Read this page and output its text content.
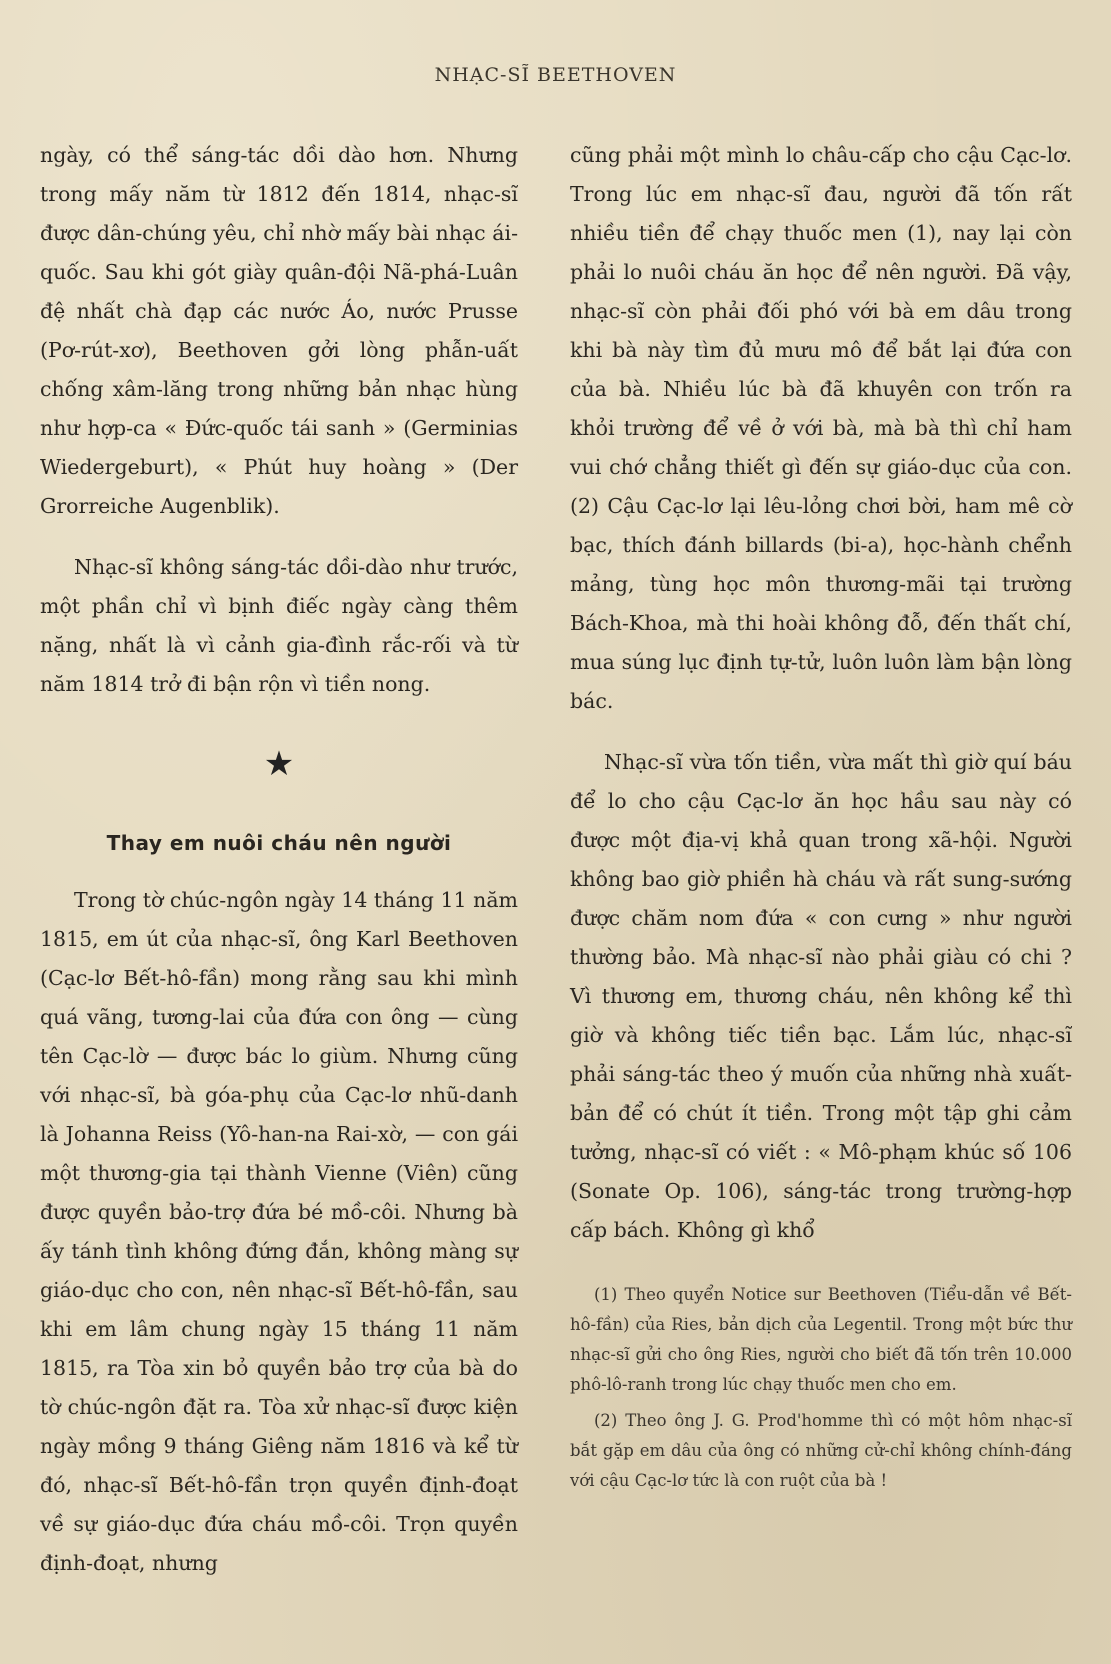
NHẠC-SĨ BEETHOVEN

ngày, có thể sáng-tác dồi dào hơn. Nhưng trong mấy năm từ 1812 đến 1814, nhạc-sĩ được dân-chúng yêu, chỉ nhờ mấy bài nhạc ái-quốc. Sau khi gót giày quân-đội Nã-phá-Luân đệ nhất chà đạp các nước Áo, nước Prusse (Pơ-rút-xơ), Beethoven gởi lòng phẫn-uất chống xâm-lăng trong những bản nhạc hùng như hợp-ca « Đức-quốc tái sanh » (Germinias Wiedergeburt), « Phút huy hoàng » (Der Grorreiche Augenblik).

Nhạc-sĩ không sáng-tác dồi-dào như trước, một phần chỉ vì bịnh điếc ngày càng thêm nặng, nhất là vì cảnh gia-đình rắc-rối và từ năm 1814 trở đi bận rộn vì tiền nong.

★
Thay em nuôi cháu nên người

Trong tờ chúc-ngôn ngày 14 tháng 11 năm 1815, em út của nhạc-sĩ, ông Karl Beethoven (Cạc-lơ Bết-hô-fần) mong rằng sau khi mình quá vãng, tương-lai của đứa con ông — cùng tên Cạc-lờ — được bác lo giùm. Nhưng cũng với nhạc-sĩ, bà góa-phụ của Cạc-lơ nhũ-danh là Johanna Reiss (Yô-han-na Rai-xờ, — con gái một thương-gia tại thành Vienne (Viên) cũng được quyền bảo-trợ đứa bé mồ-côi. Nhưng bà ấy tánh tình không đứng đắn, không màng sự giáo-dục cho con, nên nhạc-sĩ Bết-hô-fần, sau khi em lâm chung ngày 15 tháng 11 năm 1815, ra Tòa xin bỏ quyền bảo trợ của bà do tờ chúc-ngôn đặt ra. Tòa xử nhạc-sĩ được kiện ngày mồng 9 tháng Giêng năm 1816 và kể từ đó, nhạc-sĩ Bết-hô-fần trọn quyền định-đoạt về sự giáo-dục đứa cháu mồ-côi. Trọn quyền định-đoạt, nhưng

cũng phải một mình lo châu-cấp cho cậu Cạc-lơ. Trong lúc em nhạc-sĩ đau, người đã tốn rất nhiều tiền để chạy thuốc men (1), nay lại còn phải lo nuôi cháu ăn học để nên người. Đã vậy, nhạc-sĩ còn phải đối phó với bà em dâu trong khi bà này tìm đủ mưu mô để bắt lại đứa con của bà. Nhiều lúc bà đã khuyên con trốn ra khỏi trường để về ở với bà, mà bà thì chỉ ham vui chớ chẳng thiết gì đến sự giáo-dục của con. (2) Cậu Cạc-lơ lại lêu-lỏng chơi bời, ham mê cờ bạc, thích đánh billards (bi-a), học-hành chểnh mảng, tùng học môn thương-mãi tại trường Bách-Khoa, mà thi hoài không đỗ, đến thất chí, mua súng lục định tự-tử, luôn luôn làm bận lòng bác.

Nhạc-sĩ vừa tốn tiền, vừa mất thì giờ quí báu để lo cho cậu Cạc-lơ ăn học hầu sau này có được một địa-vị khả quan trong xã-hội. Người không bao giờ phiền hà cháu và rất sung-sướng được chăm nom đứa « con cưng » như người thường bảo. Mà nhạc-sĩ nào phải giàu có chi ? Vì thương em, thương cháu, nên không kể thì giờ và không tiếc tiền bạc. Lắm lúc, nhạc-sĩ phải sáng-tác theo ý muốn của những nhà xuất-bản để có chút ít tiền. Trong một tập ghi cảm tưởng, nhạc-sĩ có viết : « Mô-phạm khúc số 106 (Sonate Op. 106), sáng-tác trong trường-hợp cấp bách. Không gì khổ

(1) Theo quyển Notice sur Beethoven (Tiểu-dẫn về Bết-hô-fần) của Ries, bản dịch của Legentil. Trong một bức thư nhạc-sĩ gửi cho ông Ries, người cho biết đã tốn trên 10.000 phô-lô-ranh trong lúc chạy thuốc men cho em.

(2) Theo ông J. G. Prod'homme thì có một hôm nhạc-sĩ bắt gặp em dâu của ông có những cử-chỉ không chính-đáng với cậu Cạc-lơ tức là con ruột của bà !
